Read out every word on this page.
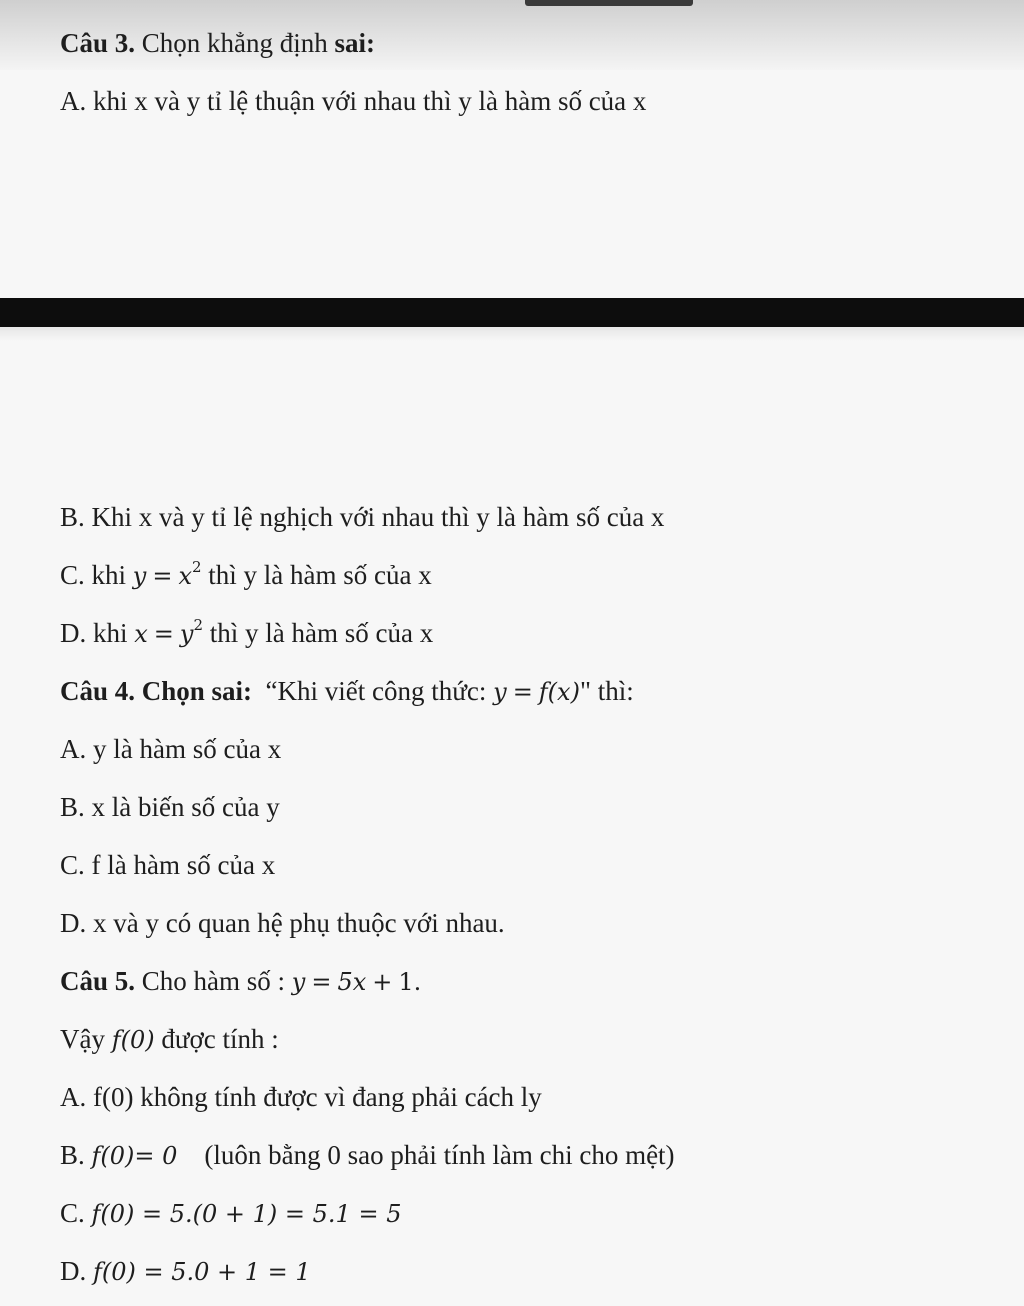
Câu 3. Chọn khẳng định sai:
A. khi x và y tỉ lệ thuận với nhau thì y là hàm số của x
B. Khi x và y tỉ lệ nghịch với nhau thì y là hàm số của x
C. khi $y = x^2$ thì y là hàm số của x
D. khi $x = y^2$ thì y là hàm số của x
Câu 4. Chọn sai: “Khi viết công thức: y = f(x)" thì:
A. y là hàm số của x
B. x là biến số của y
C. f là hàm số của x
D. x và y có quan hệ phụ thuộc với nhau.
Câu 5. Cho hàm số : y = 5x + 1.
Vậy f(0) được tính :
A. f(0) không tính được vì đang phải cách ly
B. f(0)= 0 (luôn bằng 0 sao phải tính làm chi cho mệt)
C. f(0) = 5.(0 + 1) = 5.1 = 5
D. f(0) = 5.0 + 1 = 1
